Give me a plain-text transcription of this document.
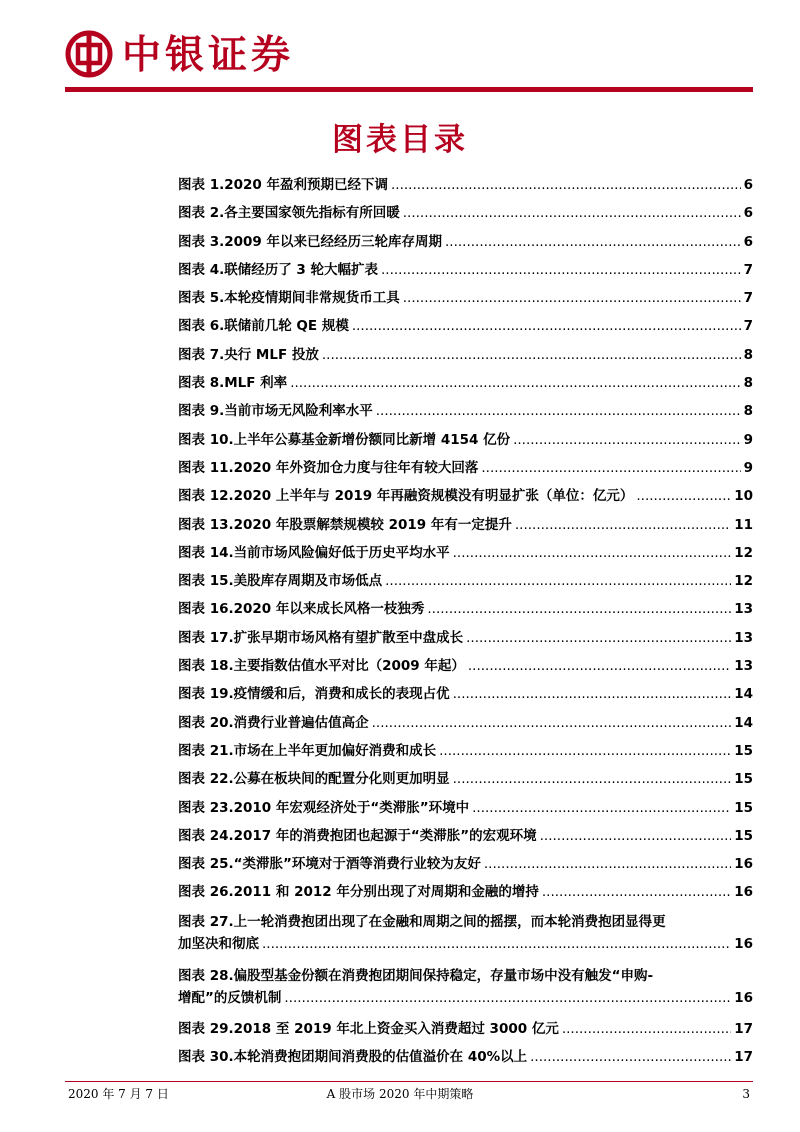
中银证券
图表目录
图表 1.2020 年盈利预期已经下调 .....	6
图表 2.各主要国家领先指标有所回暖 .....	6
图表 3.2009 年以来已经经历三轮库存周期 .....	6
图表 4.联储经历了 3 轮大幅扩表 .....	7
图表 5.本轮疫情期间非常规货币工具 .....	7
图表 6.联储前几轮 QE 规模 .....	7
图表 7.央行 MLF 投放 .....	8
图表 8.MLF 利率 .....	8
图表 9.当前市场无风险利率水平 .....	8
图表 10.上半年公募基金新增份额同比新增 4154 亿份 .....	9
图表 11.2020 年外资加仓力度与往年有较大回落 .....	9
图表 12.2020 上半年与 2019 年再融资规模没有明显扩张（单位：亿元） .....	10
图表 13.2020 年股票解禁规模较 2019 年有一定提升 .....	11
图表 14.当前市场风险偏好低于历史平均水平 .....	12
图表 15.美股库存周期及市场低点 .....	12
图表 16.2020 年以来成长风格一枝独秀 .....	13
图表 17.扩张早期市场风格有望扩散至中盘成长 .....	13
图表 18.主要指数估值水平对比（2009 年起） .....	13
图表 19.疫情缓和后，消费和成长的表现占优 .....	14
图表 20.消费行业普遍估值高企 .....	14
图表 21.市场在上半年更加偏好消费和成长 .....	15
图表 22.公募在板块间的配置分化则更加明显 .....	15
图表 23.2010 年宏观经济处于“类滞胀”环境中 .....	15
图表 24.2017 年的消费抱团也起源于“类滞胀”的宏观环境 .....	15
图表 25.“类滞胀”环境对于酒等消费行业较为友好 .....	16
图表 26.2011 和 2012 年分别出现了对周期和金融的增持 .....	16
图表 27.上一轮消费抱团出现了在金融和周期之间的摇摆，而本轮消费抱团显得更
加坚决和彻底 .....	16
图表 28.偏股型基金份额在消费抱团期间保持稳定，存量市场中没有触发“申购-
增配”的反馈机制 .....	16
图表 29.2018 至 2019 年北上资金买入消费超过 3000 亿元 .....	17
图表 30.本轮消费抱团期间消费股的估值溢价在 40%以上 .....	17
2020 年 7 月 7 日	A 股市场 2020 年中期策略	3
